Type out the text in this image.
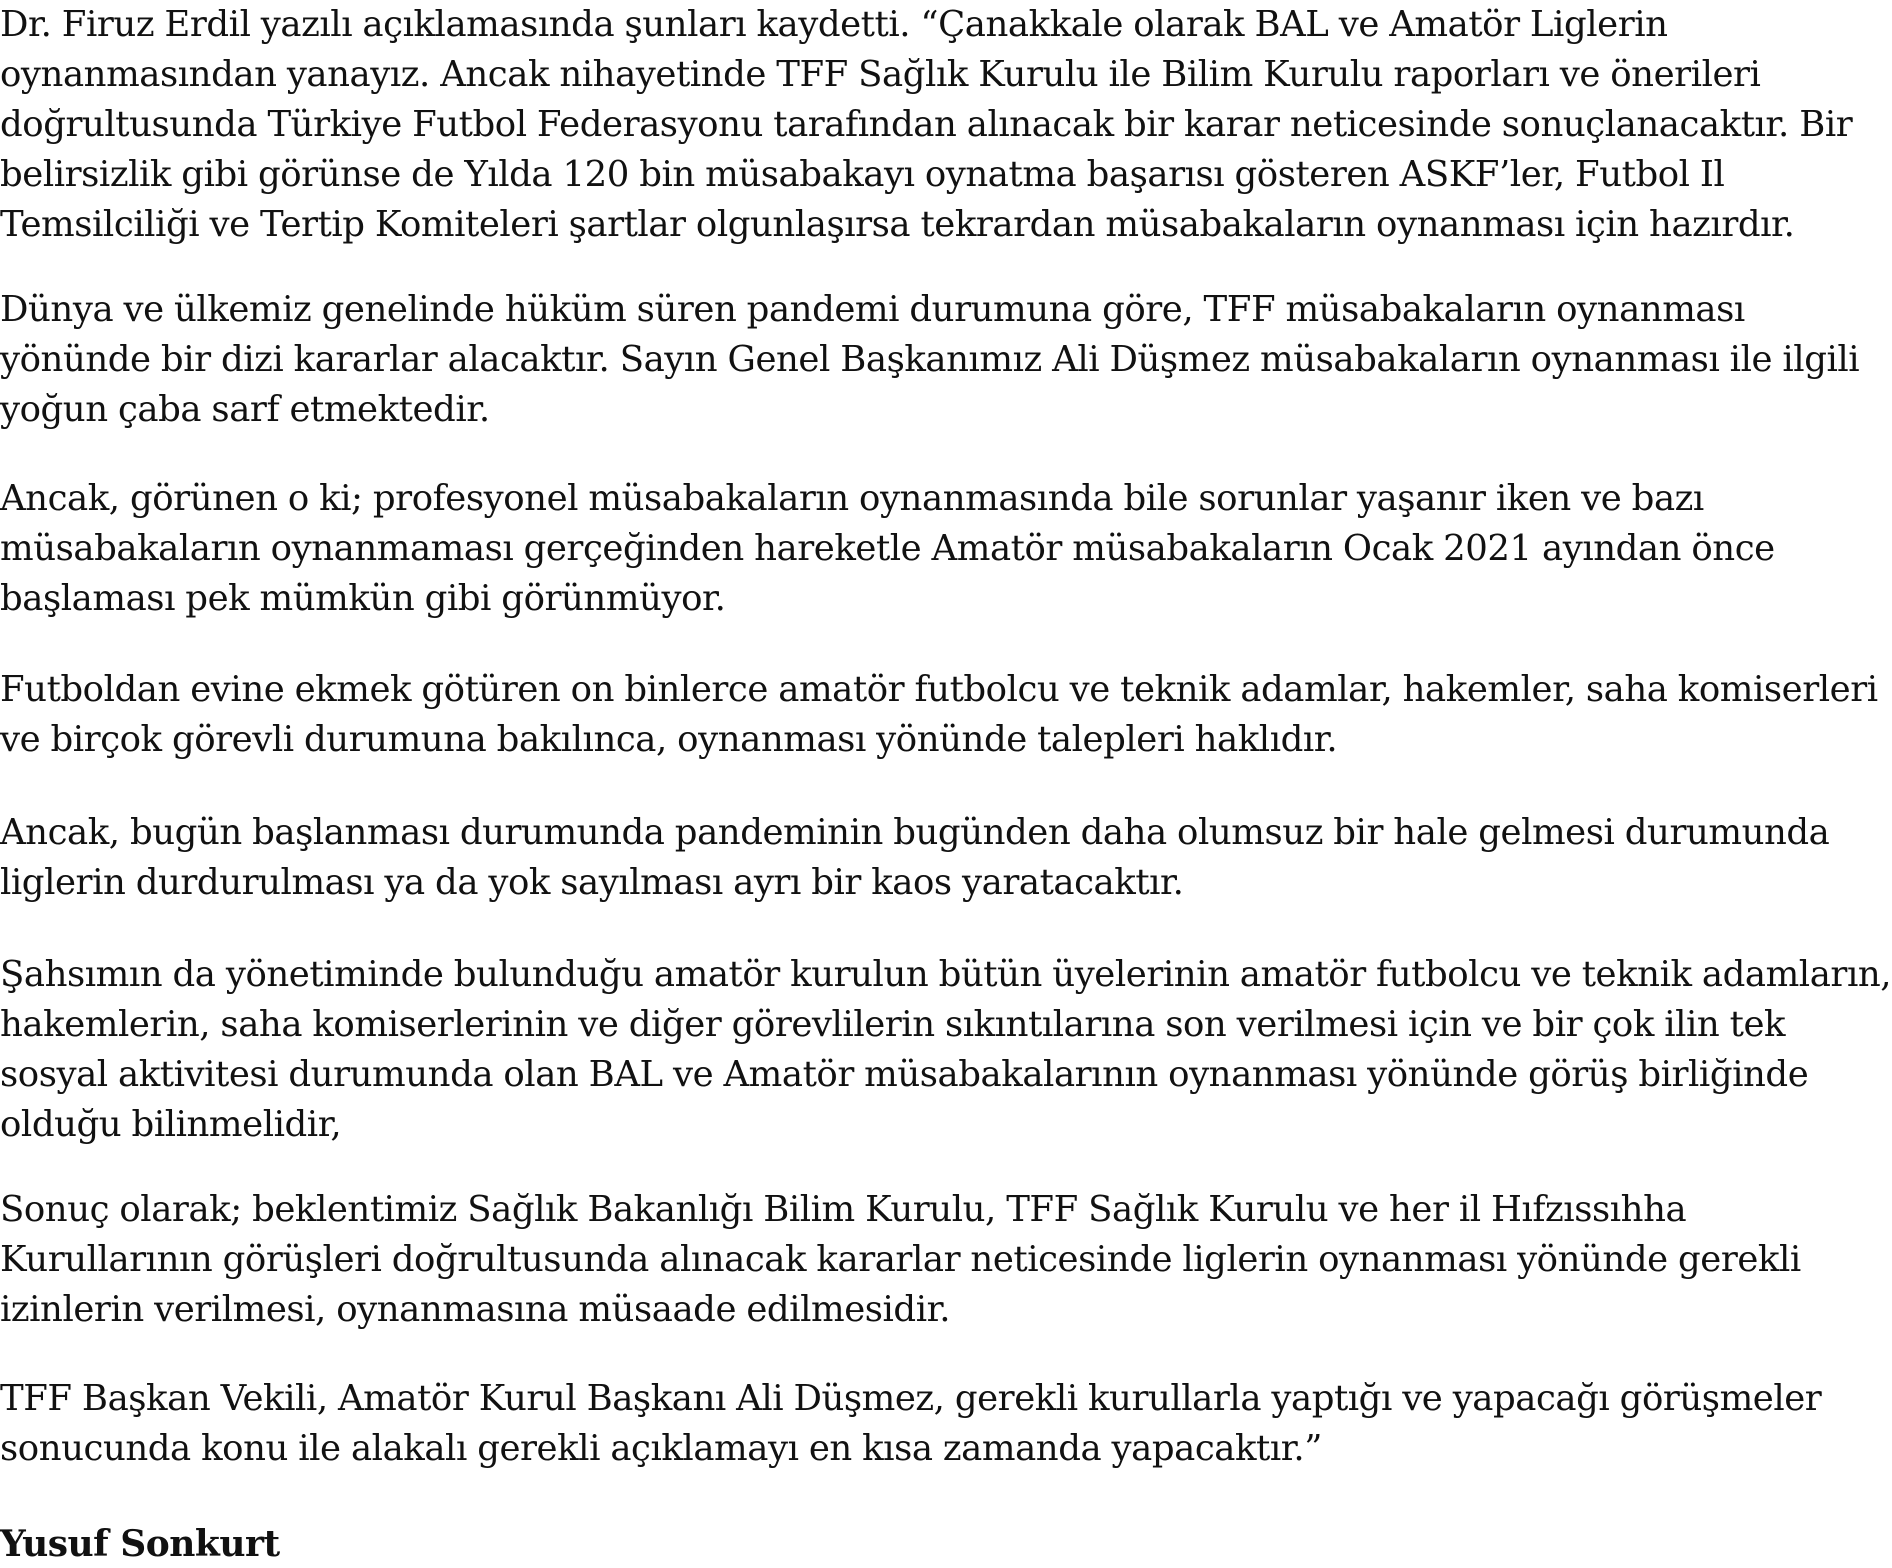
Dr. Firuz Erdil yazılı açıklamasında şunları kaydetti. “Çanakkale olarak BAL ve Amatör Liglerin oynanmasından yanayız. Ancak nihayetinde TFF Sağlık Kurulu ile Bilim Kurulu raporları ve önerileri doğrultusunda Türkiye Futbol Federasyonu tarafından alınacak bir karar neticesinde sonuçlanacaktır. Bir belirsizlik gibi görünse de Yılda 120 bin müsabakayı oynatma başarısı gösteren ASKF’ler, Futbol Il Temsilciliği ve Tertip Komiteleri şartlar olgunlaşırsa tekrardan müsabakaların oynanması için hazırdır.

Dünya ve ülkemiz genelinde hüküm süren pandemi durumuna göre, TFF müsabakaların oynanması yönünde bir dizi kararlar alacaktır. Sayın Genel Başkanımız Ali Düşmez müsabakaların oynanması ile ilgili yoğun çaba sarf etmektedir.

Ancak, görünen o ki; profesyonel müsabakaların oynanmasında bile sorunlar yaşanır iken ve bazı müsabakaların oynanmaması gerçeğinden hareketle Amatör müsabakaların Ocak 2021 ayından önce başlaması pek mümkün gibi görünmüyor.

Futboldan evine ekmek götüren on binlerce amatör futbolcu ve teknik adamlar, hakemler, saha komiserleri ve birçok görevli durumuna bakılınca, oynanması yönünde talepleri haklıdır.

Ancak, bugün başlanması durumunda pandeminin bugünden daha olumsuz bir hale gelmesi durumunda liglerin durdurulması ya da yok sayılması ayrı bir kaos yaratacaktır.

Şahsımın da yönetiminde bulunduğu amatör kurulun bütün üyelerinin amatör futbolcu ve teknik adamların, hakemlerin, saha komiserlerinin ve diğer görevlilerin sıkıntılarına son verilmesi için ve bir çok ilin tek sosyal aktivitesi durumunda olan BAL ve Amatör müsabakalarının oynanması yönünde görüş birliğinde olduğu bilinmelidir,

Sonuç olarak; beklentimiz Sağlık Bakanlığı Bilim Kurulu, TFF Sağlık Kurulu ve her il Hıfzıssıhha Kurullarının görüşleri doğrultusunda alınacak kararlar neticesinde liglerin oynanması yönünde gerekli izinlerin verilmesi, oynanmasına müsaade edilmesidir.

TFF Başkan Vekili, Amatör Kurul Başkanı Ali Düşmez, gerekli kurullarla yaptığı ve yapacağı görüşmeler sonucunda konu ile alakalı gerekli açıklamayı en kısa zamanda yapacaktır.”

Yusuf Sonkurt
